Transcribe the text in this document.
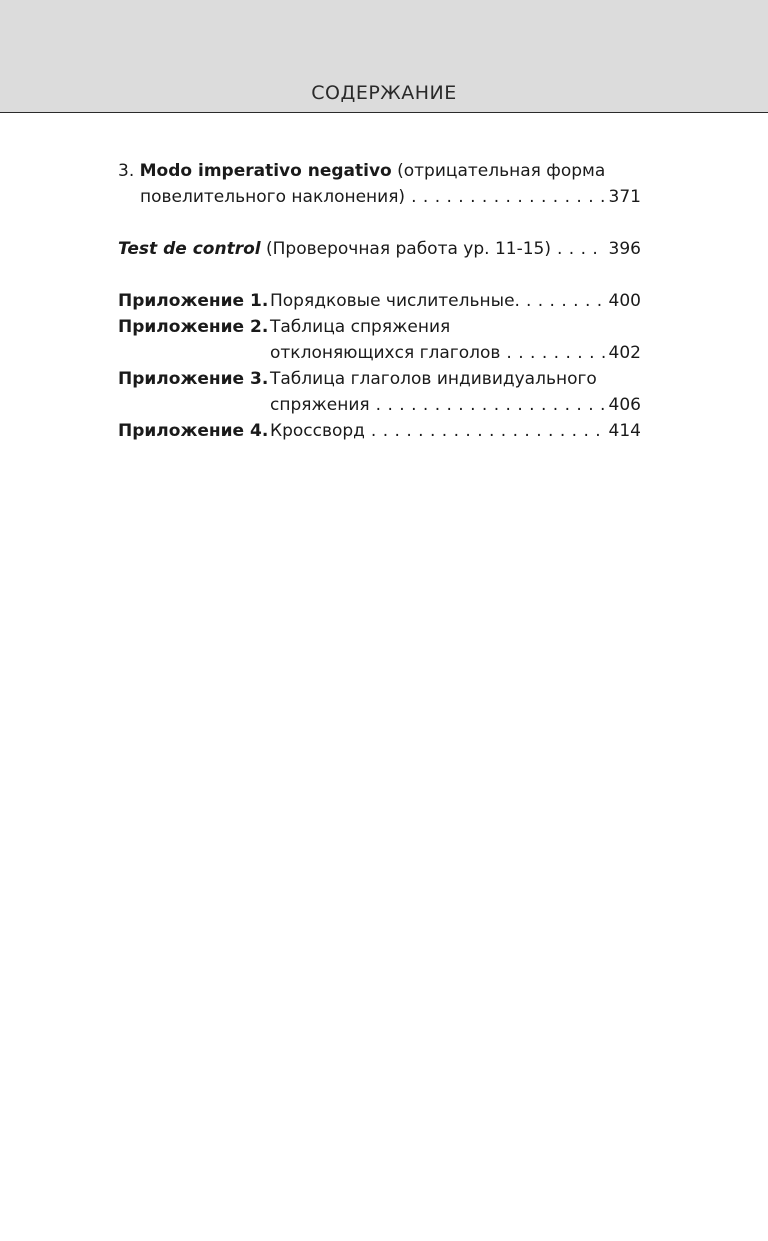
СОДЕРЖАНИЕ
3.
Modo imperativo negativo
(отрицательная форма
повелительного наклонения) . . .	371
Test de control
(Проверочная работа ур. 11-15) . . .	396
Приложение 1. Порядковые числительные. . . .	400
Приложение 2. Таблица спряжения
отклоняющихся глаголов . . .	402
Приложение 3. Таблица глаголов индивидуального
спряжения . . .	406
Приложение 4. Кроссворд . . .	414
